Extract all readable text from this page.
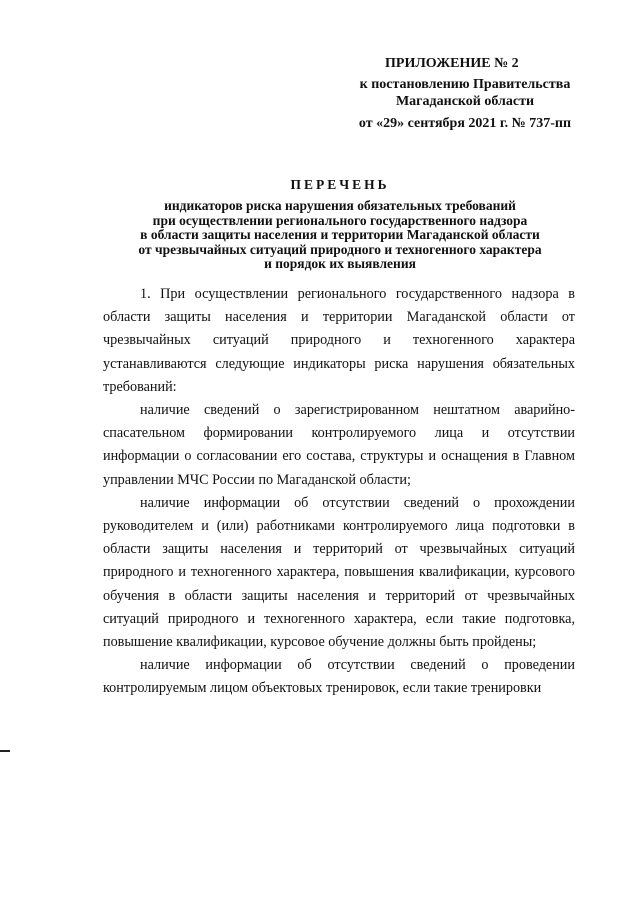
ПРИЛОЖЕНИЕ № 2
к постановлению Правительства
Магаданской области
от «29» сентября 2021 г. № 737-пп
ПЕРЕЧЕНЬ
индикаторов риска нарушения обязательных требований
при осуществлении регионального государственного надзора
в области защиты населения и территории Магаданской области
от чрезвычайных ситуаций природного и техногенного характера
и порядок их выявления

1. При осуществлении регионального государственного надзора в области защиты населения и территории Магаданской области от чрезвычайных ситуаций природного и техногенного характера устанавливаются следующие индикаторы риска нарушения обязательных требований:

наличие сведений о зарегистрированном нештатном аварийно-спасательном формировании контролируемого лица и отсутствии информации о согласовании его состава, структуры и оснащения в Главном управлении МЧС России по Магаданской области;

наличие информации об отсутствии сведений о прохождении руководителем и (или) работниками контролируемого лица подготовки в области защиты населения и территорий от чрезвычайных ситуаций природного и техногенного характера, повышения квалификации, курсового обучения в области защиты населения и территорий от чрезвычайных ситуаций природного и техногенного характера, если такие подготовка, повышение квалификации, курсовое обучение должны быть пройдены;

наличие информации об отсутствии сведений о проведении контролируемым лицом объектовых тренировок, если такие тренировки
